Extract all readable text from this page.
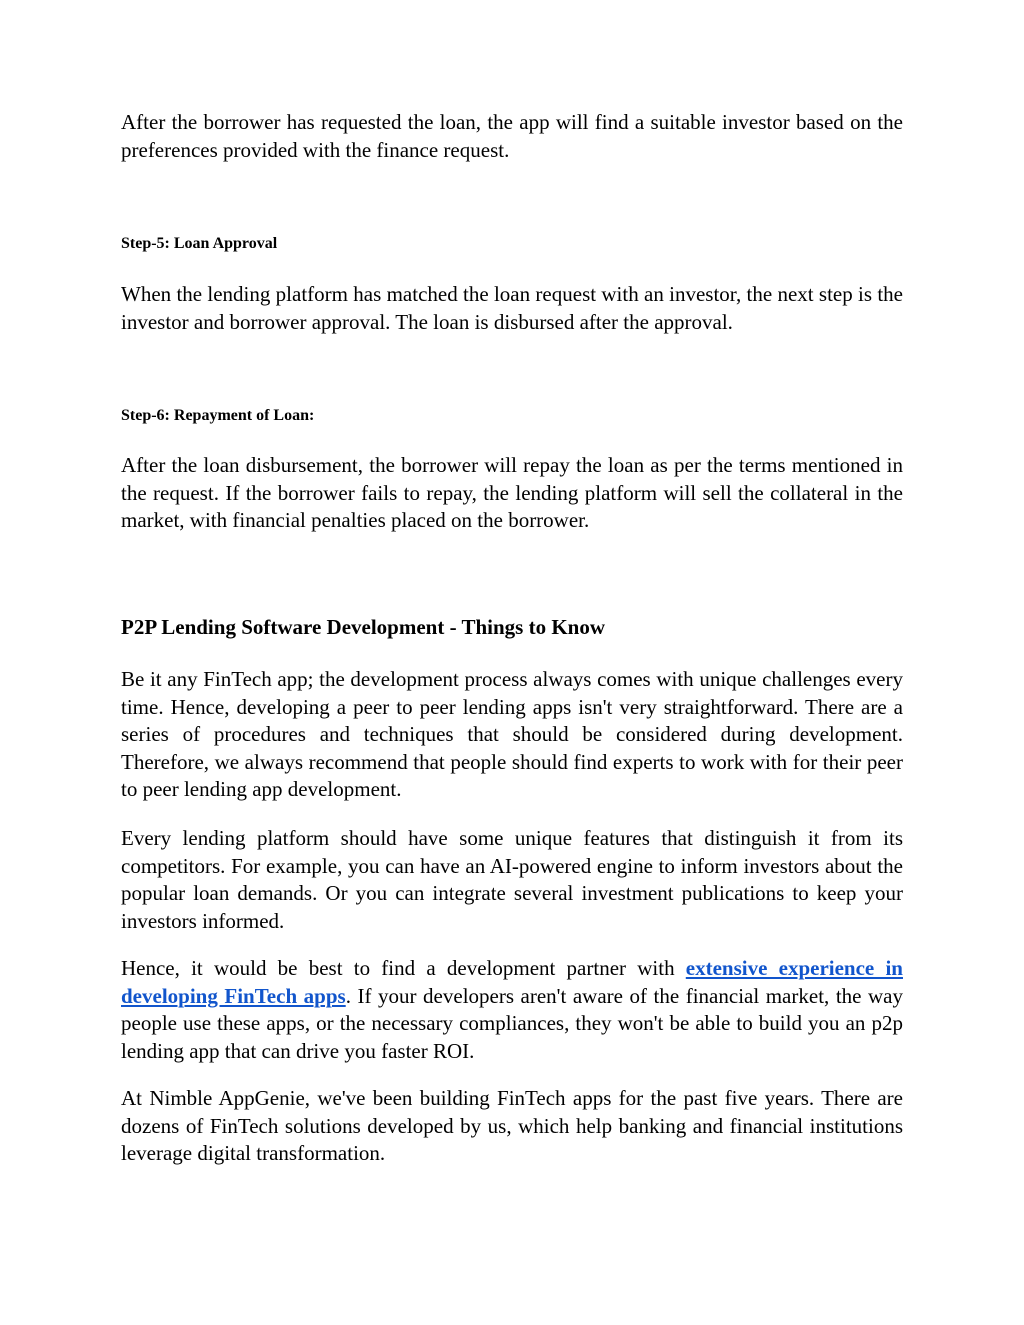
After the borrower has requested the loan, the app will find a suitable investor based on the preferences provided with the finance request.

Step-5: Loan Approval

When the lending platform has matched the loan request with an investor, the next step is the investor and borrower approval. The loan is disbursed after the approval.

Step-6: Repayment of Loan:

After the loan disbursement, the borrower will repay the loan as per the terms mentioned in the request. If the borrower fails to repay, the lending platform will sell the collateral in the market, with financial penalties placed on the borrower.

P2P Lending Software Development - Things to Know

Be it any FinTech app; the development process always comes with unique challenges every time. Hence, developing a peer to peer lending apps isn't very straightforward. There are a series of procedures and techniques that should be considered during development. Therefore, we always recommend that people should find experts to work with for their peer to peer lending app development.

Every lending platform should have some unique features that distinguish it from its competitors. For example, you can have an AI-powered engine to inform investors about the popular loan demands. Or you can integrate several investment publications to keep your investors informed.

Hence, it would be best to find a development partner with extensive experience in developing FinTech apps. If your developers aren't aware of the financial market, the way people use these apps, or the necessary compliances, they won't be able to build you an p2p lending app that can drive you faster ROI.

At Nimble AppGenie, we've been building FinTech apps for the past five years. There are dozens of FinTech solutions developed by us, which help banking and financial institutions leverage digital transformation.
